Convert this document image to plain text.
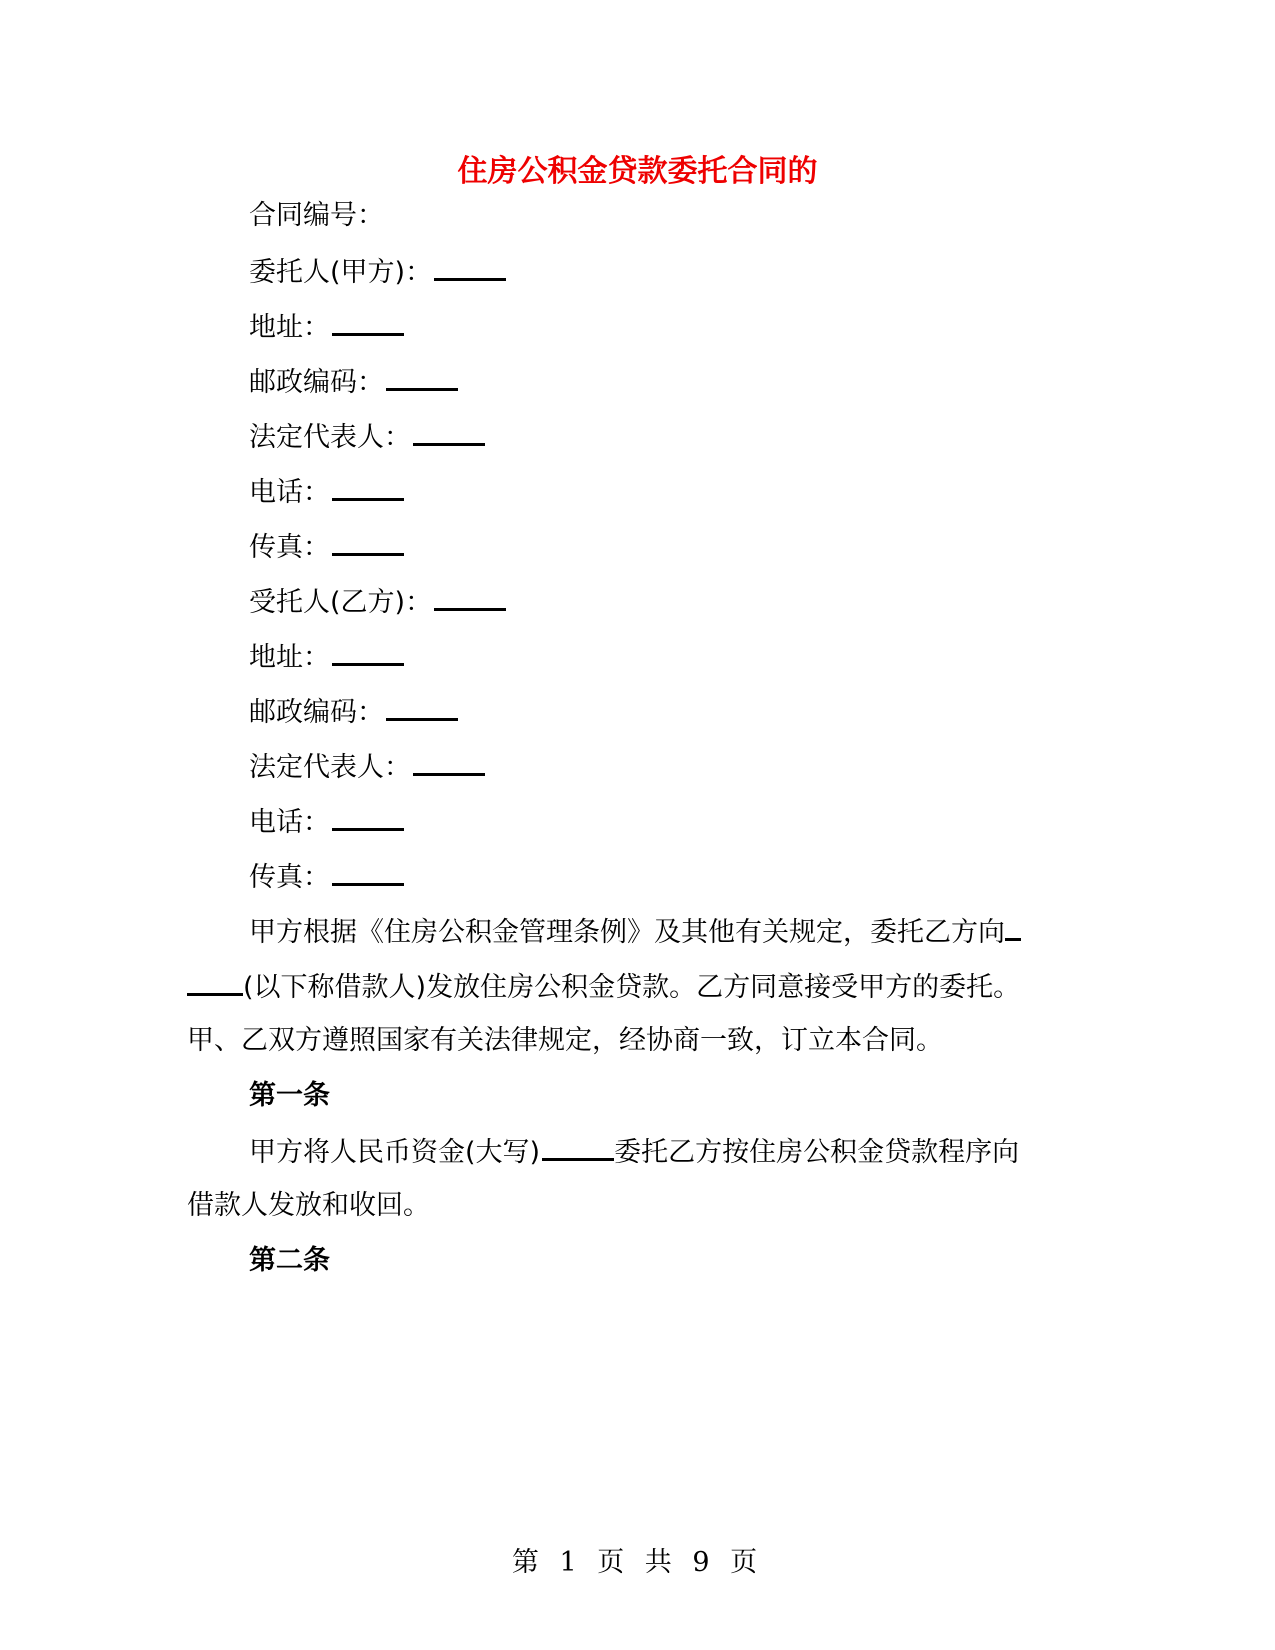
住房公积金贷款委托合同的
合同编号：
委托人(甲方)：
地址：
邮政编码：
法定代表人：
电话：
传真：
受托人(乙方)：
地址：
邮政编码：
法定代表人：
电话：
传真：
甲方根据《住房公积金管理条例》及其他有关规定，委托乙方向
(以下称借款人)发放住房公积金贷款。乙方同意接受甲方的委托。
甲、乙双方遵照国家有关法律规定，经协商一致，订立本合同。
第一条
甲方将人民币资金(大写)	委托乙方按住房公积金贷款程序向
借款人发放和收回。
第二条
第 1 页 共 9 页
